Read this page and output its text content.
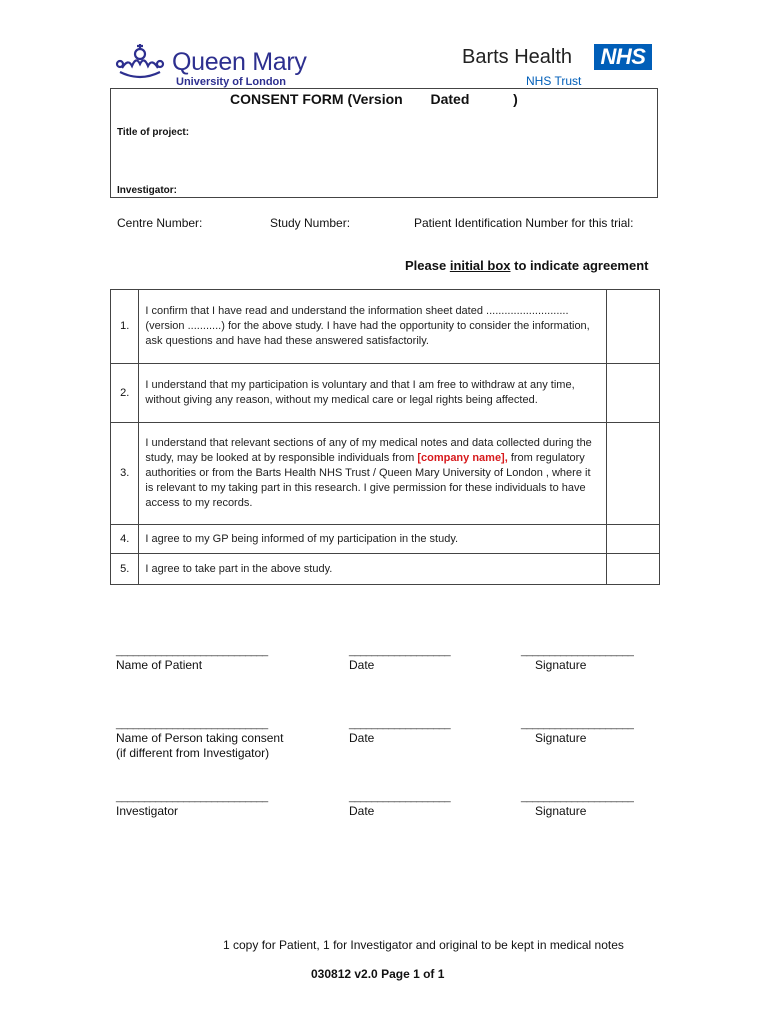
Queen Mary
University of London
Barts Health NHS
NHS Trust
CONSENT FORM (Version Dated	)
Title of project:
Investigator:
Centre Number:	Study Number:	Patient Identification Number for this trial:
Please initial box to indicate agreement
1.	I confirm that I have read and understand the information sheet dated ........................... (version ...........) for the above study. I have had the opportunity to consider the information, ask questions and have had these answered satisfactorily.	
2.	I understand that my participation is voluntary and that I am free to withdraw at any time, without giving any reason, without my medical care or legal rights being affected.	
3.	I understand that relevant sections of any of my medical notes and data collected during the study, may be looked at by responsible individuals from [company name], from regulatory authorities or from the Barts Health NHS Trust / Queen Mary University of London , where it is relevant to my taking part in this research. I give permission for these individuals to have access to my records.	
4.	I agree to my GP being informed of my participation in the study.	
5.	I agree to take part in the above study.	
___________________________	__________________	____________________
Name of Patient	Date	Signature
___________________________	__________________	____________________
Name of Person taking consent
(if different from Investigator)
Date	Signature
___________________________	__________________	____________________
Investigator	Date	Signature
1 copy for Patient, 1 for Investigator and original to be kept in medical notes
030812 v2.0 Page 1 of 1
